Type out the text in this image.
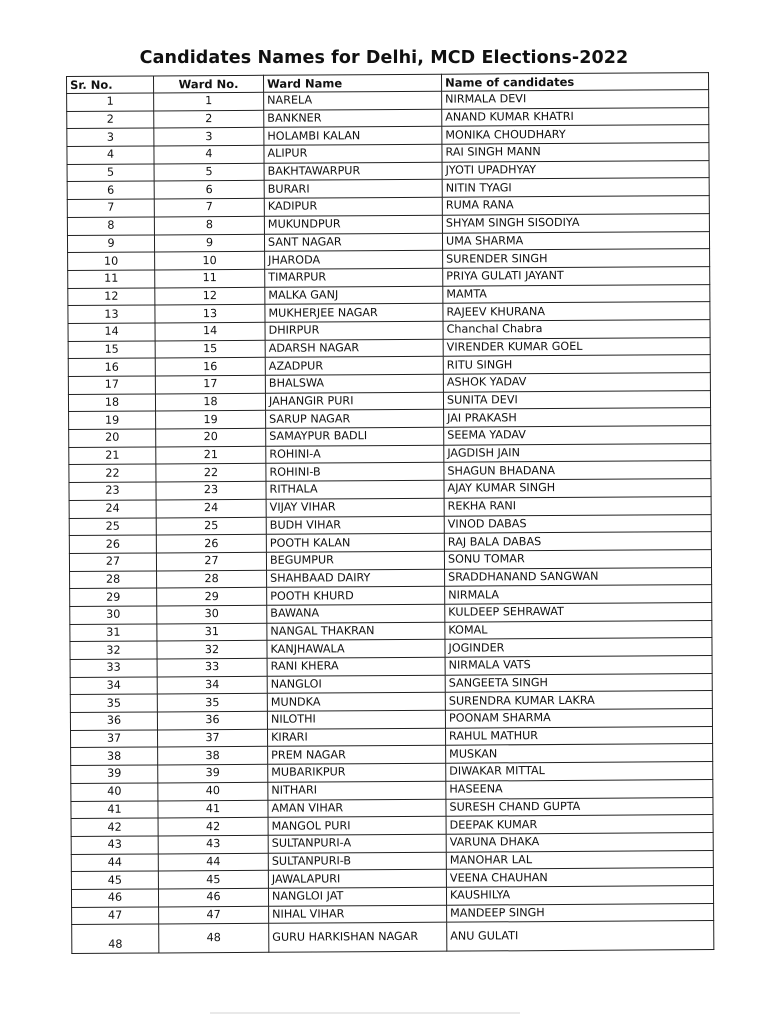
Candidates Names for Delhi, MCD Elections-2022
Sr. No.	Ward No.	Ward Name	Name of candidates
1	1	NARELA	NIRMALA DEVI
2	2	BANKNER	ANAND KUMAR KHATRI
3	3	HOLAMBI KALAN	MONIKA CHOUDHARY
4	4	ALIPUR	RAI SINGH MANN
5	5	BAKHTAWARPUR	JYOTI UPADHYAY
6	6	BURARI	NITIN TYAGI
7	7	KADIPUR	RUMA RANA
8	8	MUKUNDPUR	SHYAM SINGH SISODIYA
9	9	SANT NAGAR	UMA SHARMA
10	10	JHARODA	SURENDER SINGH
11	11	TIMARPUR	PRIYA GULATI JAYANT
12	12	MALKA GANJ	MAMTA
13	13	MUKHERJEE NAGAR	RAJEEV KHURANA
14	14	DHIRPUR	Chanchal Chabra
15	15	ADARSH NAGAR	VIRENDER KUMAR GOEL
16	16	AZADPUR	RITU SINGH
17	17	BHALSWA	ASHOK YADAV
18	18	JAHANGIR PURI	SUNITA DEVI
19	19	SARUP NAGAR	JAI PRAKASH
20	20	SAMAYPUR BADLI	SEEMA YADAV
21	21	ROHINI-A	JAGDISH JAIN
22	22	ROHINI-B	SHAGUN BHADANA
23	23	RITHALA	AJAY KUMAR SINGH
24	24	VIJAY VIHAR	REKHA RANI
25	25	BUDH VIHAR	VINOD DABAS
26	26	POOTH KALAN	RAJ BALA DABAS
27	27	BEGUMPUR	SONU TOMAR
28	28	SHAHBAAD DAIRY	SRADDHANAND SANGWAN
29	29	POOTH KHURD	NIRMALA
30	30	BAWANA	KULDEEP SEHRAWAT
31	31	NANGAL THAKRAN	KOMAL
32	32	KANJHAWALA	JOGINDER
33	33	RANI KHERA	NIRMALA VATS
34	34	NANGLOI	SANGEETA SINGH
35	35	MUNDKA	SURENDRA KUMAR LAKRA
36	36	NILOTHI	POONAM SHARMA
37	37	KIRARI	RAHUL MATHUR
38	38	PREM NAGAR	MUSKAN
39	39	MUBARIKPUR	DIWAKAR MITTAL
40	40	NITHARI	HASEENA
41	41	AMAN VIHAR	SURESH CHAND GUPTA
42	42	MANGOL PURI	DEEPAK KUMAR
43	43	SULTANPURI-A	VARUNA DHAKA
44	44	SULTANPURI-B	MANOHAR LAL
45	45	JAWALAPURI	VEENA CHAUHAN
46	46	NANGLOI JAT	KAUSHILYA
47	47	NIHAL VIHAR	MANDEEP SINGH
48	48	GURU HARKISHAN NAGAR	ANU GULATI
